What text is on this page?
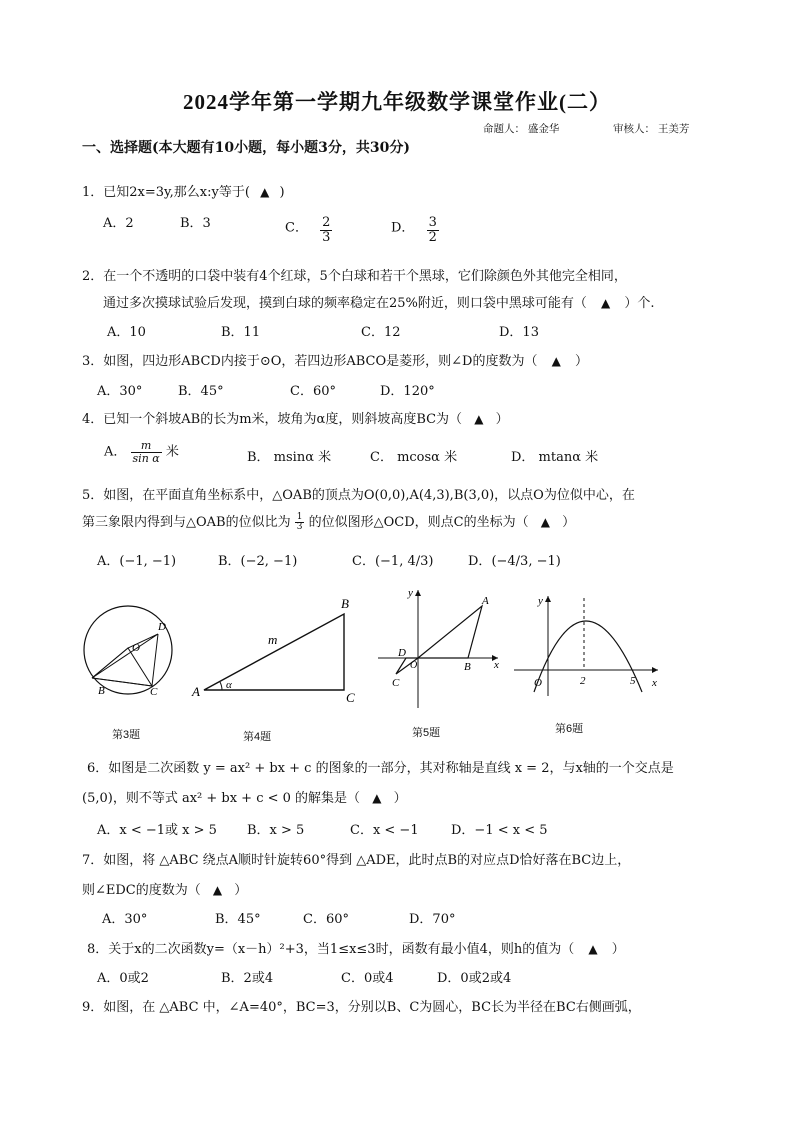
2024学年第一学期九年级数学课堂作业(二）
命题人： 盛金华	审核人： 王美芳
一、选择题(本大题有10小题，每小题3分，共30分)
1．已知2x=3y,那么x:y等于( ▲ )
A．2	B．3	C． $\frac{2}{3}$	D． $\frac{3}{2}$
2．在一个不透明的口袋中装有4个红球，5个白球和若干个黑球，它们除颜色外其他完全相同，
通过多次摸球试验后发现，摸到白球的频率稳定在25%附近，则口袋中黑球可能有（ ▲ ）个.
A．10	B．11	C．12	D．13
3．如图，四边形ABCD内接于⊙O，若四边形ABCO是菱形，则∠D的度数为（ ▲ ）
A．30°	B．45°	C．60°	D．120°
4．已知一个斜坡AB的长为m米，坡角为α度，则斜坡高度BC为（ ▲ ）
A． $\frac{m}{\text{sin α}}$ 米	B． msinα 米	C． mcosα 米	D． mtanα 米
5．如图，在平面直角坐标系中，△OAB的顶点为O(0,0),A(4,3),B(3,0)，以点O为位似中心，在
第三象限内得到与△OAB的位似比为 $\frac{1}{3}$ 的位似图形△OCD，则点C的坐标为（ ▲ ）
A．(−1, −1)	B．(−2, −1)	C．(−1, 4/3)	D．(−4/3, −1)
O
D
B	C
第3题
A
B
C
m
α
第4题
y
x
A
B
D
C
O
第5题
y
x
O	2	5
第6题
6．如图是二次函数 y = ax² + bx + c 的图象的一部分，其对称轴是直线 x = 2，与x轴的一个交点是
(5,0)，则不等式 ax² + bx + c < 0 的解集是（ ▲ ）
A．x < −1或 x > 5 B．x > 5	C．x < −1 D．−1 < x < 5
7．如图，将 △ABC 绕点A顺时针旋转60°得到 △ADE，此时点B的对应点D恰好落在BC边上，
则∠EDC的度数为（ ▲ ）
A．30°	B．45°	C．60°	D．70°
8．关于x的二次函数y=（x－h）²+3，当1≤x≤3时，函数有最小值4，则h的值为（ ▲ ）
A．0或2	B．2或4	C．0或4	D．0或2或4
9．如图，在 △ABC 中，∠A=40°，BC=3，分别以B、C为圆心，BC长为半径在BC右侧画弧，
